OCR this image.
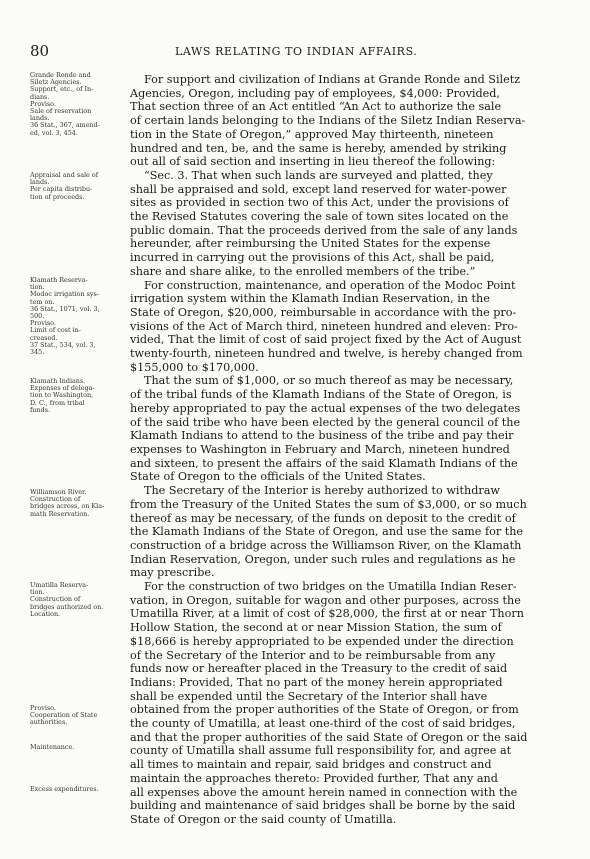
80	LAWS RELATING TO INDIAN AFFAIRS.
Grande Ronde and
Siletz Agencies.
Support, etc., of In-
dians.
Proviso.
Sale of reservation
lands.
36 Stat., 367, amend-
ed, vol. 3, 454.
Appraisal and sale of
lands.
Per capita distribu-
tion of proceeds.
Klamath Reserva-
tion.
Modoc irrigation sys-
tem on.
36 Stat., 1071, vol. 3,
500.
Proviso.
Limit of cost in-
creased.
37 Stat., 534, vol. 3,
345.
Klamath Indians.
Expenses of delega-
tion to Washington,
D. C., from tribal
funds.
Williamson River.
Construction of
bridges across, on Kla-
math Reservation.
Umatilla Reserva-
tion.
Construction of
bridges authorized on.
Location.
Proviso.
Cooperation of State
authorities.
Maintenance.
Excess expenditures.

For support and civilization of Indians at Grande Ronde and Siletz
Agencies, Oregon, including pay of employees, $4,000: Provided,
That section three of an Act entitled “An Act to authorize the sale
of certain lands belonging to the Indians of the Siletz Indian Reserva-
tion in the State of Oregon,” approved May thirteenth, nineteen
hundred and ten, be, and the same is hereby, amended by striking
out all of said section and inserting in lieu thereof the following:

“Sec. 3. That when such lands are surveyed and platted, they
shall be appraised and sold, except land reserved for water-power
sites as provided in section two of this Act, under the provisions of
the Revised Statutes covering the sale of town sites located on the
public domain. That the proceeds derived from the sale of any lands
hereunder, after reimbursing the United States for the expense
incurred in carrying out the provisions of this Act, shall be paid,
share and share alike, to the enrolled members of the tribe.”

For construction, maintenance, and operation of the Modoc Point
irrigation system within the Klamath Indian Reservation, in the
State of Oregon, $20,000, reimbursable in accordance with the pro-
visions of the Act of March third, nineteen hundred and eleven: Pro-
vided, That the limit of cost of said project fixed by the Act of August
twenty-fourth, nineteen hundred and twelve, is hereby changed from
$155,000 to $170,000.

That the sum of $1,000, or so much thereof as may be necessary,
of the tribal funds of the Klamath Indians of the State of Oregon, is
hereby appropriated to pay the actual expenses of the two delegates
of the said tribe who have been elected by the general council of the
Klamath Indians to attend to the business of the tribe and pay their
expenses to Washington in February and March, nineteen hundred
and sixteen, to present the affairs of the said Klamath Indians of the
State of Oregon to the officials of the United States.

The Secretary of the Interior is hereby authorized to withdraw
from the Treasury of the United States the sum of $3,000, or so much
thereof as may be necessary, of the funds on deposit to the credit of
the Klamath Indians of the State of Oregon, and use the same for the
construction of a bridge across the Williamson River, on the Klamath
Indian Reservation, Oregon, under such rules and regulations as he
may prescribe.

For the construction of two bridges on the Umatilla Indian Reser-
vation, in Oregon, suitable for wagon and other purposes, across the
Umatilla River, at a limit of cost of $28,000, the first at or near Thorn
Hollow Station, the second at or near Mission Station, the sum of
$18,666 is hereby appropriated to be expended under the direction
of the Secretary of the Interior and to be reimbursable from any
funds now or hereafter placed in the Treasury to the credit of said
Indians: Provided, That no part of the money herein appropriated
shall be expended until the Secretary of the Interior shall have
obtained from the proper authorities of the State of Oregon, or from
the county of Umatilla, at least one-third of the cost of said bridges,
and that the proper authorities of the said State of Oregon or the said
county of Umatilla shall assume full responsibility for, and agree at
all times to maintain and repair, said bridges and construct and
maintain the approaches thereto: Provided further, That any and
all expenses above the amount herein named in connection with the
building and maintenance of said bridges shall be borne by the said
State of Oregon or the said county of Umatilla.
